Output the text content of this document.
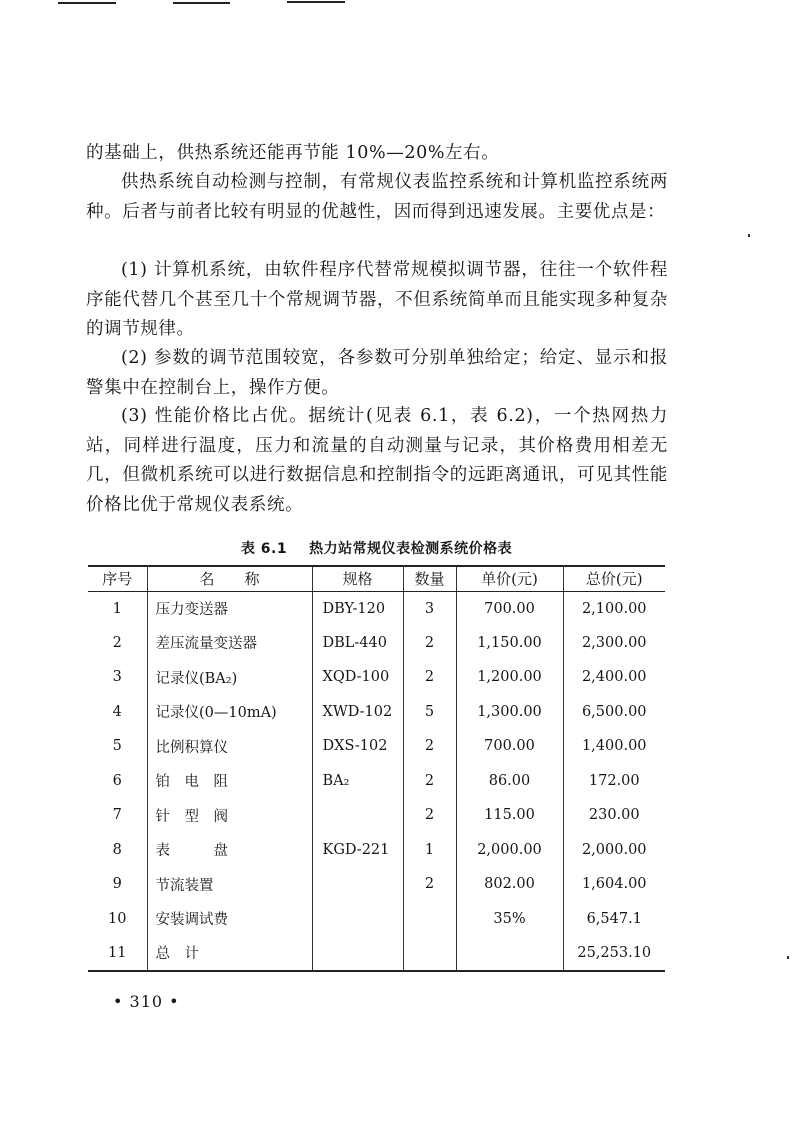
的基础上，供热系统还能再节能 10%—20%左右。

供热系统自动检测与控制，有常规仪表监控系统和计算机监控系统两种。后者与前者比较有明显的优越性，因而得到迅速发展。主要优点是：

(1) 计算机系统，由软件程序代替常规模拟调节器，往往一个软件程序能代替几个甚至几十个常规调节器，不但系统简单而且能实现多种复杂的调节规律。

(2) 参数的调节范围较宽，各参数可分别单独给定；给定、显示和报警集中在控制台上，操作方便。

(3) 性能价格比占优。据统计(见表 6.1，表 6.2)，一个热网热力站，同样进行温度，压力和流量的自动测量与记录，其价格费用相差无几，但微机系统可以进行数据信息和控制指令的远距离通讯，可见其性能价格比优于常规仪表系统。

表 6.1 热力站常规仪表检测系统价格表
序号	名　　称	规格	数量	单价(元)	总价(元)
1	压力变送器	DBY-120	3	700.00	2,100.00
2	差压流量变送器	DBL-440	2	1,150.00	2,300.00
3	记录仪(BA₂)	XQD-100	2	1,200.00	2,400.00
4	记录仪(0—10mA)	XWD-102	5	1,300.00	6,500.00
5	比例积算仪	DXS-102	2	700.00	1,400.00
6	铂　电　阻	BA₂	2	86.00	172.00
7	针　型　阀		2	115.00	230.00
8	表　　　盘	KGD-221	1	2,000.00	2,000.00
9	节流装置		2	802.00	1,604.00
10	安装调试费			35%	6,547.1
11	总　计				25,253.10
• 310 •
